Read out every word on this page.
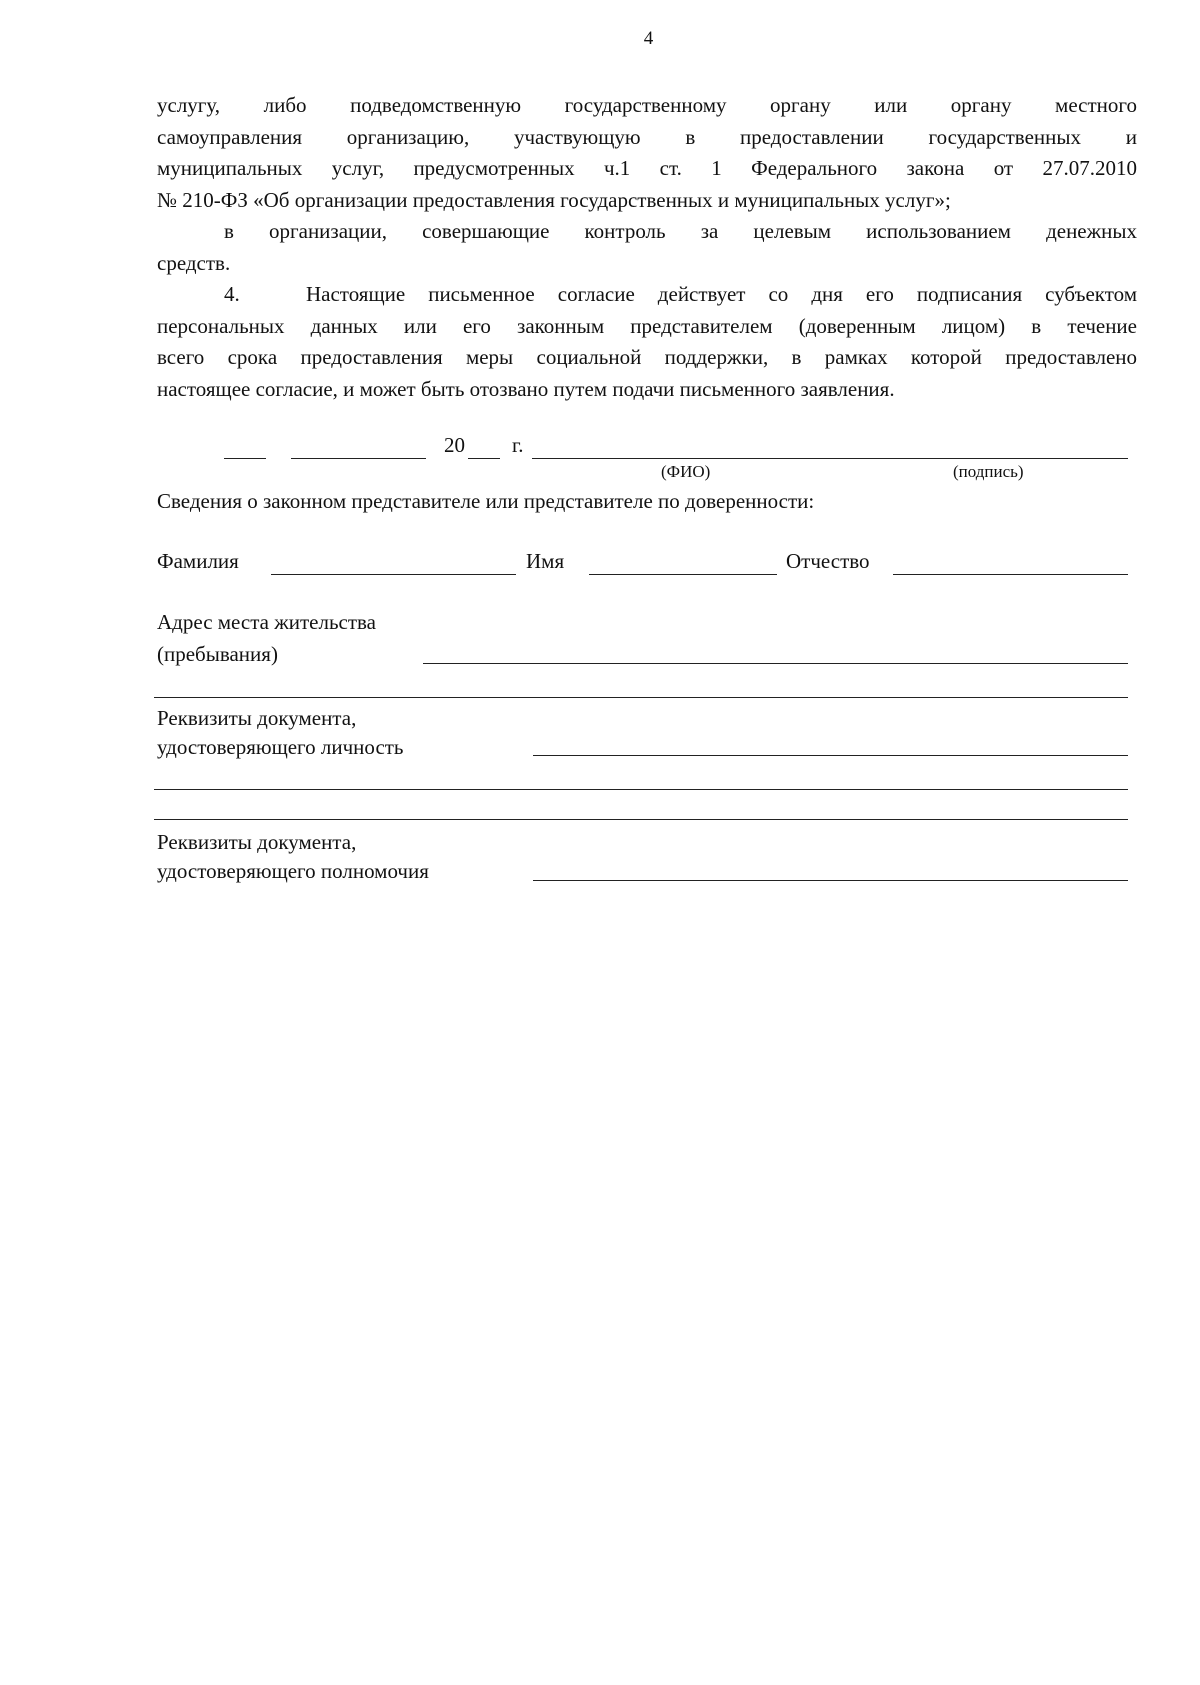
4
услугу, либо подведомственную государственному органу или органу местного
самоуправления организацию, участвующую в предоставлении государственных и
муниципальных услуг, предусмотренных ч.1 ст. 1 Федерального закона от 27.07.2010
№ 210-ФЗ «Об организации предоставления государственных и муниципальных услуг»;
в организации, совершающие контроль за целевым использованием денежных
средств.
4.	Настоящие письменное согласие действует со дня его подписания субъектом
персональных данных или его законным представителем (доверенным лицом) в течение
всего срока предоставления меры социальной поддержки, в рамках которой предоставлено
настоящее согласие, и может быть отозвано путем подачи письменного заявления.
20 г.
(ФИО)	(подпись)
Сведения о законном представителе или представителе по доверенности:
Фамилия	Имя	Отчество
Адрес места жительства
(пребывания)
Реквизиты документа,
удостоверяющего личность
Реквизиты документа,
удостоверяющего полномочия
